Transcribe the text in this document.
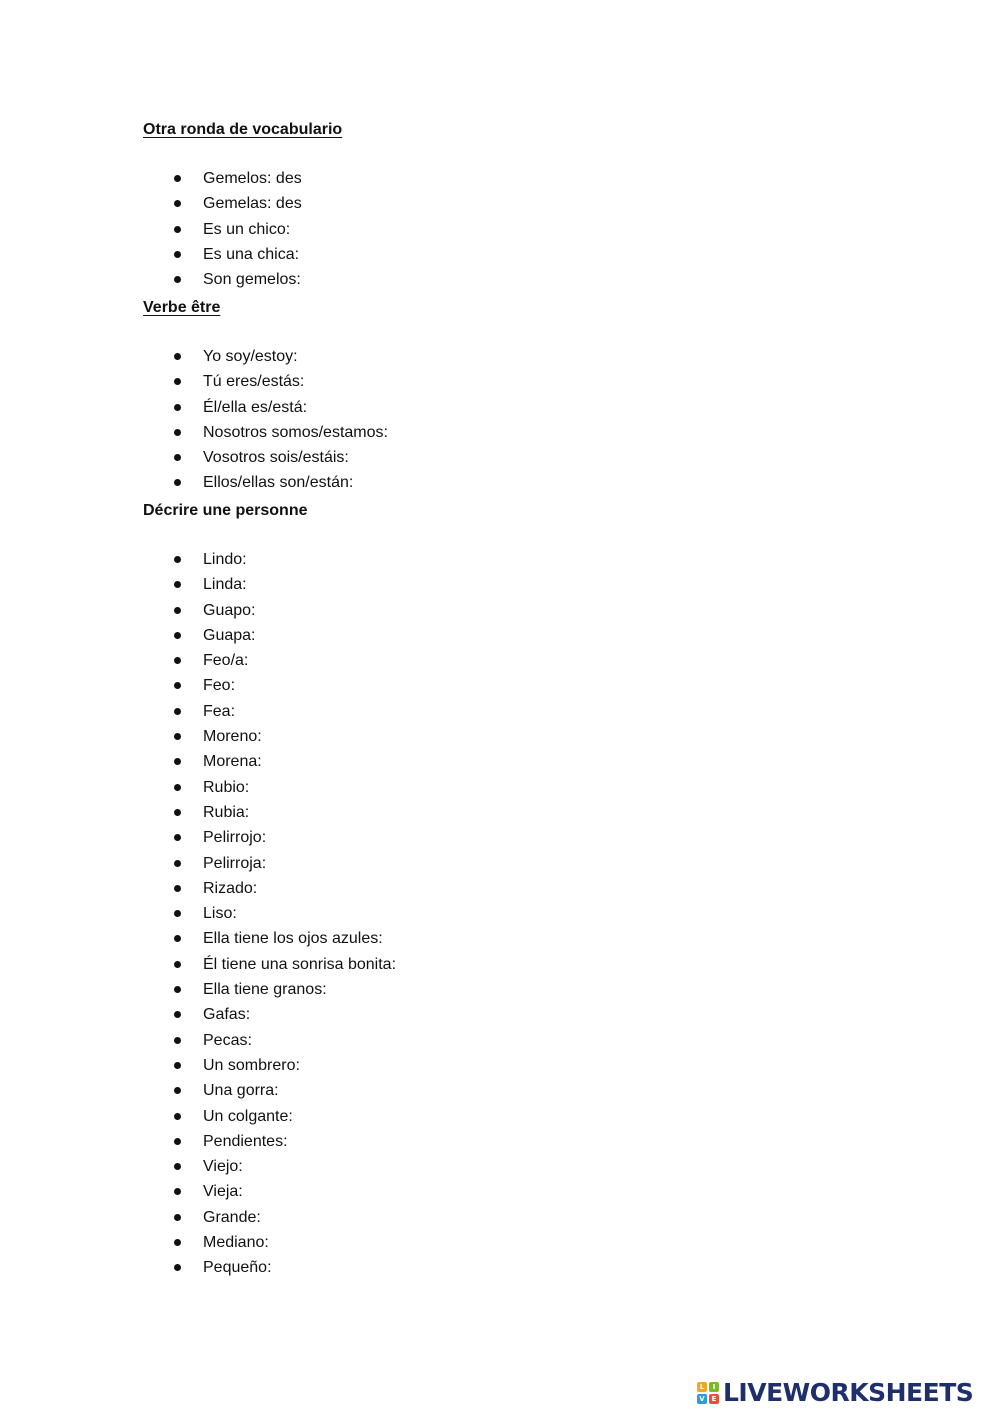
Otra ronda de vocabulario
Gemelos: des
Gemelas: des
Es un chico:
Es una chica:
Son gemelos:
Verbe être
Yo soy/estoy:
Tú eres/estás:
Él/ella es/está:
Nosotros somos/estamos:
Vosotros sois/estáis:
Ellos/ellas son/están:
Décrire une personne
Lindo:
Linda:
Guapo:
Guapa:
Feo/a:
Feo:
Fea:
Moreno:
Morena:
Rubio:
Rubia:
Pelirrojo:
Pelirroja:
Rizado:
Liso:
Ella tiene los ojos azules:
Él tiene una sonrisa bonita:
Ella tiene granos:
Gafas:
Pecas:
Un sombrero:
Una gorra:
Un colgante:
Pendientes:
Viejo:
Vieja:
Grande:
Mediano:
Pequeño:
L	I
V E LIVEWORKSHEETS
